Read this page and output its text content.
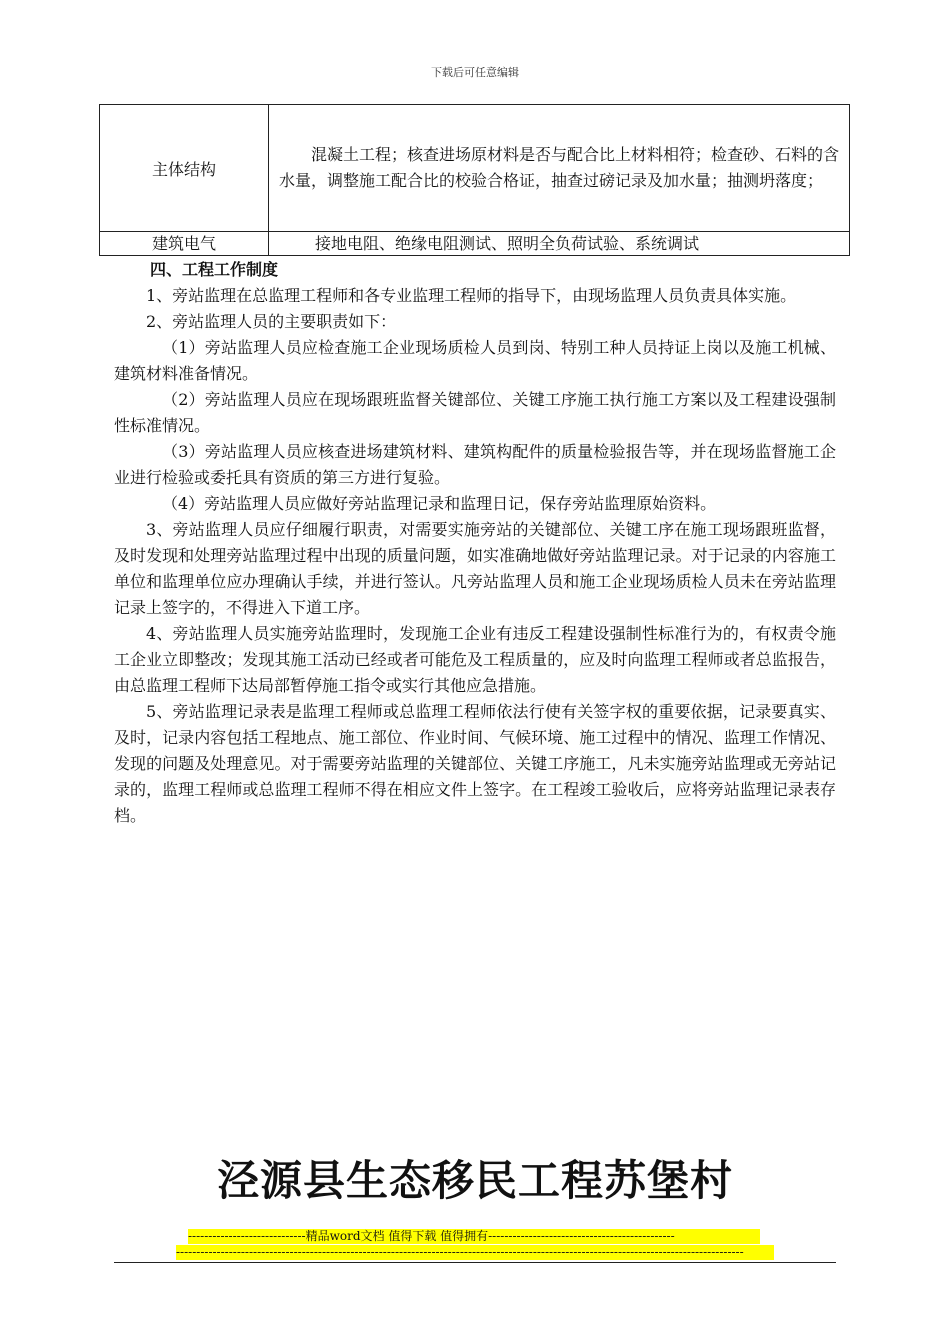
下载后可任意编辑
主体结构	混凝土工程；核查进场原材料是否与配合比上材料相符；检查砂、石料的含水量，调整施工配合比的校验合格证，抽查过磅记录及加水量；抽测坍落度；
建筑电气	接地电阻、绝缘电阻测试、照明全负荷试验、系统调试

四、工程工作制度

1、旁站监理在总监理工程师和各专业监理工程师的指导下，由现场监理人员负责具体实施。

2、旁站监理人员的主要职责如下：

（1）旁站监理人员应检查施工企业现场质检人员到岗、特别工种人员持证上岗以及施工机械、建筑材料准备情况。

（2）旁站监理人员应在现场跟班监督关键部位、关键工序施工执行施工方案以及工程建设强制性标准情况。

（3）旁站监理人员应核查进场建筑材料、建筑构配件的质量检验报告等，并在现场监督施工企业进行检验或委托具有资质的第三方进行复验。

（4）旁站监理人员应做好旁站监理记录和监理日记，保存旁站监理原始资料。

3、旁站监理人员应仔细履行职责，对需要实施旁站的关键部位、关键工序在施工现场跟班监督，及时发现和处理旁站监理过程中出现的质量问题，如实准确地做好旁站监理记录。对于记录的内容施工单位和监理单位应办理确认手续，并进行签认。凡旁站监理人员和施工企业现场质检人员未在旁站监理记录上签字的，不得进入下道工序。

4、旁站监理人员实施旁站监理时，发现施工企业有违反工程建设强制性标准行为的，有权责令施工企业立即整改；发现其施工活动已经或者可能危及工程质量的，应及时向监理工程师或者总监报告，由总监理工程师下达局部暂停施工指令或实行其他应急措施。

5、旁站监理记录表是监理工程师或总监理工程师依法行使有关签字权的重要依据，记录要真实、及时，记录内容包括工程地点、施工部位、作业时间、气候环境、施工过程中的情况、监理工作情况、发现的问题及处理意见。对于需要旁站监理的关键部位、关键工序施工，凡未实施旁站监理或无旁站记录的，监理工程师或总监理工程师不得在相应文件上签字。在工程竣工验收后，应将旁站监理记录表存档。

泾源县生态移民工程苏堡村
-----------------------------精品word文档 值得下载 值得拥有----------------------------------------------
--------------------------------------------------------------------------------------------------------------------------------------------
